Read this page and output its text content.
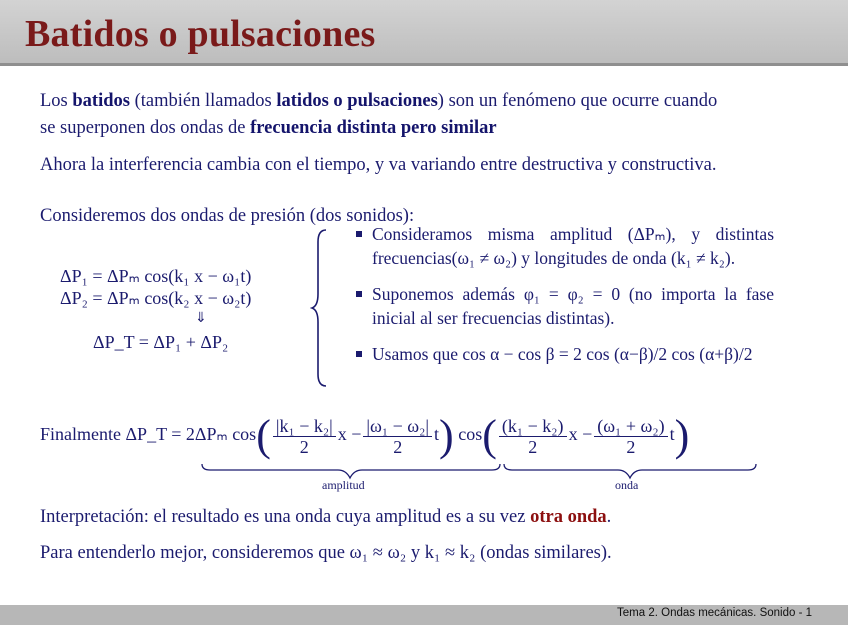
Batidos o pulsaciones
Los batidos (también llamados latidos o pulsaciones) son un fenómeno que ocurre cuando
se superponen dos ondas de frecuencia distinta pero similar
Ahora la interferencia cambia con el tiempo, y va variando entre destructiva y constructiva.
Consideremos dos ondas de presión (dos sonidos):
ΔP₁ = ΔPₘ cos(k₁ x − ω₁t)
ΔP₂ = ΔPₘ cos(k₂ x − ω₂t)
⇓
ΔP_T = ΔP₁ + ΔP₂
Consideramos misma amplitud (ΔPₘ), y distintas frecuencias(ω₁ ≠ ω₂) y longitudes de onda (k₁ ≠ k₂).
Suponemos además φ₁ = φ₂ = 0 (no importa la fase inicial al ser frecuencias distintas).
Usamos que cos α − cos β = 2 cos (α−β)/2 cos (α+β)/2
Finalmente ΔP_T = 2ΔPₘ $\cos( \frac{\text{|k₁ − k₂|}}{2}$ $x - \frac{\text{|ω₁ − ω₂|}}{2} t$) $\cos( \frac{\text{(k₁ − k₂)}}{2}$ $x - \frac{\text{(ω₁ + ω₂)}}{2} t$)
amplitud	onda
Interpretación: el resultado es una onda cuya amplitud es a su vez otra onda.
Para entenderlo mejor, consideremos que ω₁ ≈ ω₂ y k₁ ≈ k₂ (ondas similares).
Tema 2. Ondas mecánicas. Sonido - 1
